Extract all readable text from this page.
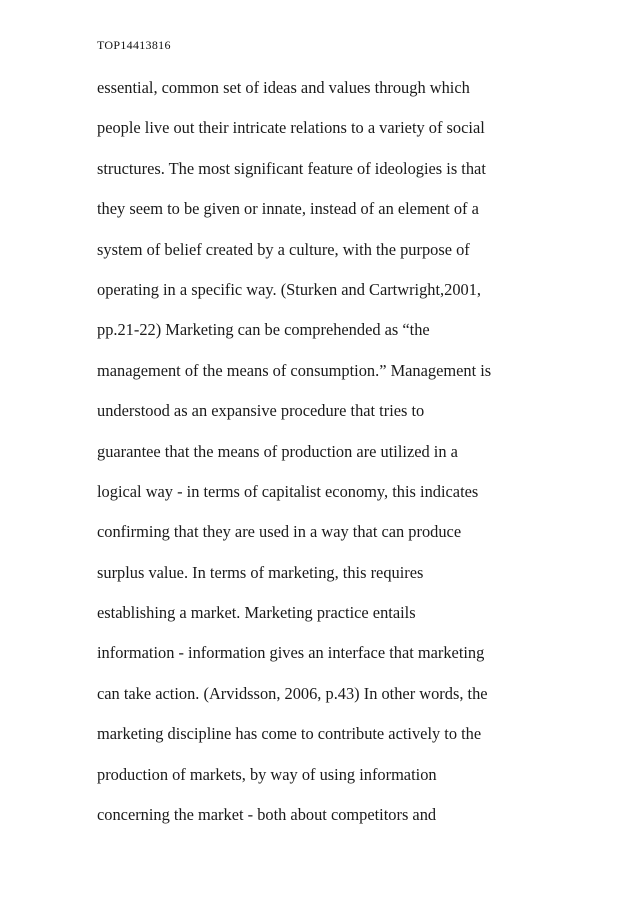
TOP14413816
essential, common set of ideas and values through which
people live out their intricate relations to a variety of social
structures. The most significant feature of ideologies is that
they seem to be given or innate, instead of an element of a
system of belief created by a culture, with the purpose of
operating in a specific way. (Sturken and Cartwright,2001,
pp.21-22) Marketing can be comprehended as “the
management of the means of consumption.” Management is
understood as an expansive procedure that tries to
guarantee that the means of production are utilized in a
logical way - in terms of capitalist economy, this indicates
confirming that they are used in a way that can produce
surplus value. In terms of marketing, this requires
establishing a market. Marketing practice entails
information - information gives an interface that marketing
can take action. (Arvidsson, 2006, p.43) In other words, the
marketing discipline has come to contribute actively to the
production of markets, by way of using information
concerning the market - both about competitors and
